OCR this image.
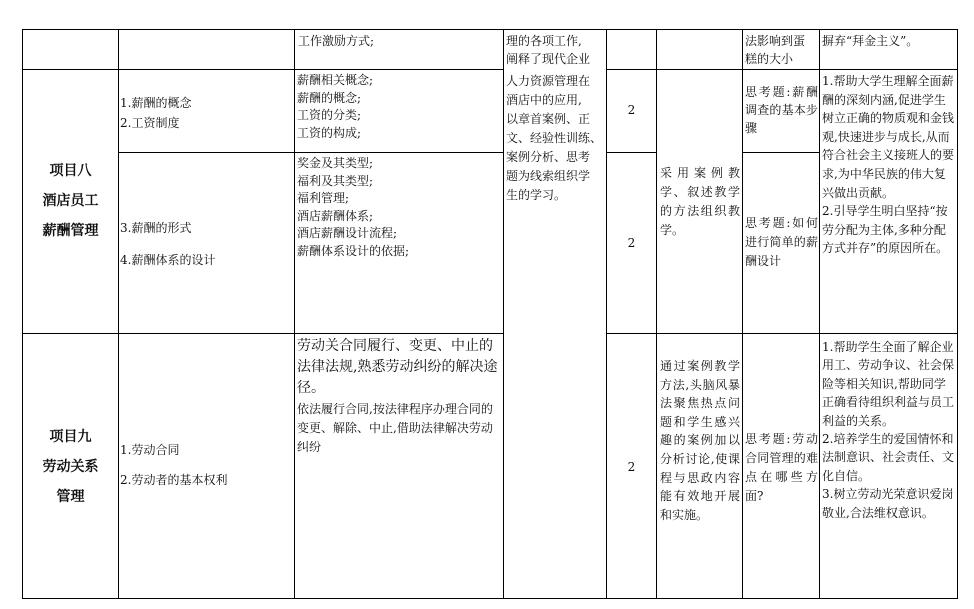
工作激励方式;	理的各项工作,
阐释了现代企业
法影响到蛋
糕的大小
摒弃“拜金主义”。
人力资源管理在
酒店中的应用,
以章首案例、正
文、经验性训练、
案例分析、思考
题为线索组织学
生的学习。
项目八
酒店员工
薪酬管理
1.薪酬的概念
2.工资制度
薪酬相关概念;
薪酬的概念;
工资的分类;
工资的构成;
2
3.薪酬的形式

4.薪酬体系的设计
奖金及其类型;
福利及其类型;
福利管理;
酒店薪酬体系;
酒店薪酬设计流程;
薪酬体系设计的依据;
2
采用案例教学、叙述教学的方法组织教学。
思考题:薪酬调查的基本步骤
思考题:如何进行简单的薪酬设计
1.帮助大学生理解全面薪酬的深刻内涵,促进学生树立正确的物质观和金钱观,快速进步与成长,从而符合社会主义接班人的要求,为中华民族的伟大复兴做出贡献。
2.引导学生明白坚持“按劳分配为主体,多种分配方式并存”的原因所在。
项目九
劳动关系
管理
1.劳动合同

2.劳动者的基本权利
劳动关合同履行、变更、中止的法律法规,熟悉劳动纠纷的解决途径。
依法履行合同,按法律程序办理合同的变更、解除、中止,借助法律解决劳动纠纷
2
通过案例教学方法,头脑风暴法聚焦热点问题和学生感兴趣的案例加以分析讨论,使课程与思政内容能有效地开展和实施。
思考题:劳动合同管理的难点在哪些方面?
1.帮助学生全面了解企业用工、劳动争议、社会保险等相关知识,帮助同学正确看待组织利益与员工利益的关系。
2.培养学生的爱国情怀和法制意识、社会责任、文化自信。
3.树立劳动光荣意识爱岗敬业,合法维权意识。
